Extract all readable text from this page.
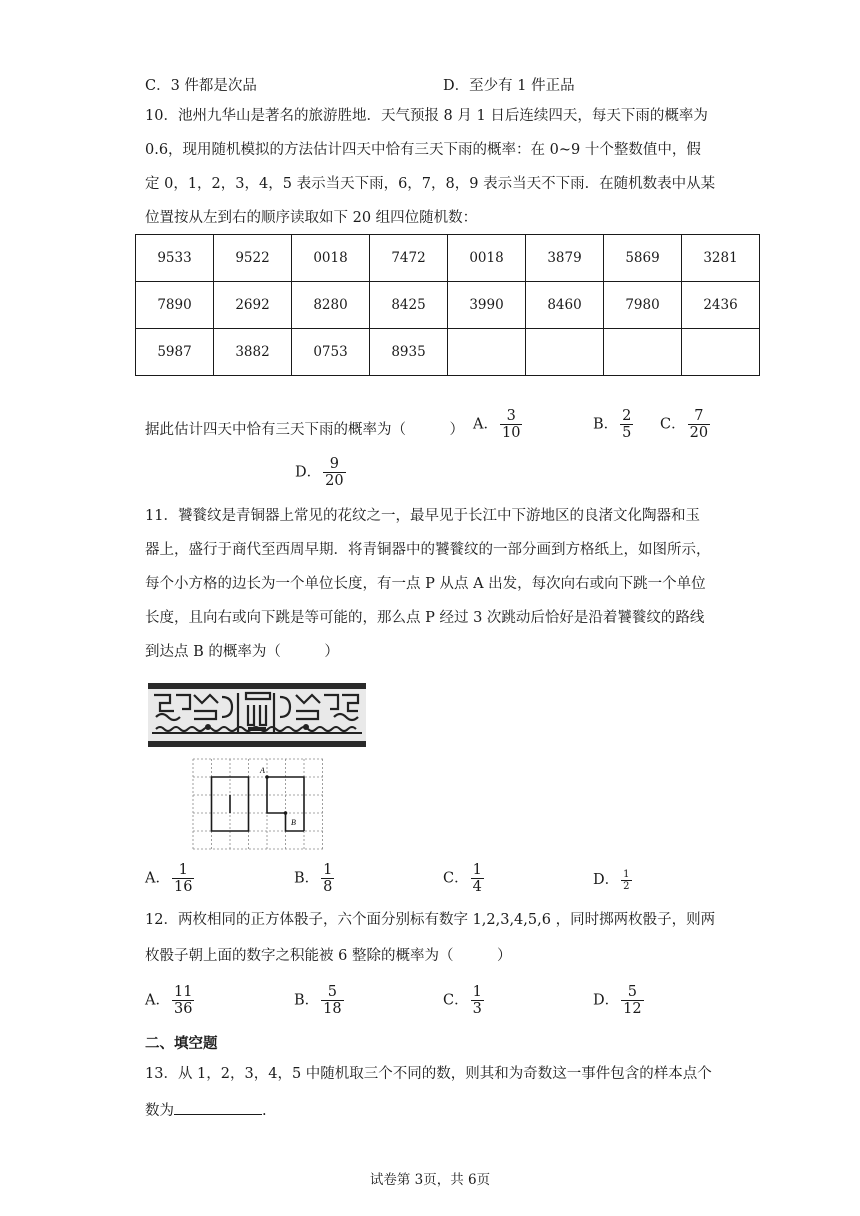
C．3 件都是次品	D．至少有 1 件正品
10．池州九华山是著名的旅游胜地．天气预报 8 月 1 日后连续四天，每天下雨的概率为
0.6，现用随机模拟的方法估计四天中恰有三天下雨的概率：在 0~9 十个整数值中，假
定 0，1，2，3，4，5 表示当天下雨，6，7，8，9 表示当天不下雨．在随机数表中从某
位置按从左到右的顺序读取如下 20 组四位随机数：
9533	9522	0018	7472	0018	3879	5869	3281
7890	2692	8280	8425	3990	8460	7980	2436
5987	3882	0753	8935				
据此估计四天中恰有三天下雨的概率为（　　　） A． $\frac{3}{10}$	B． $\frac{2}{5}$ C． $\frac{7}{20}$
D． $\frac{9}{20}$
11．饕餮纹是青铜器上常见的花纹之一，最早见于长江中下游地区的良渚文化陶器和玉
器上，盛行于商代至西周早期．将青铜器中的饕餮纹的一部分画到方格纸上，如图所示，
每个小方格的边长为一个单位长度，有一点 P 从点 A 出发，每次向右或向下跳一个单位
长度，且向右或向下跳是等可能的，那么点 P 经过 3 次跳动后恰好是沿着饕餮纹的路线
到达点 B 的概率为（　　　）
A
B
A． $\frac{1}{16}$	B． $\frac{1}{8}$	C． $\frac{1}{4}$	D． $\frac{1}{2}$
12．两枚相同的正方体骰子，六个面分别标有数字 1,2,3,4,5,6 ，同时掷两枚骰子，则两
枚骰子朝上面的数字之积能被 6 整除的概率为（　　　）
A． $\frac{11}{36}$	B． $\frac{5}{18}$	C． $\frac{1}{3}$	D． $\frac{5}{12}$
二、填空题
13．从 1，2，3，4，5 中随机取三个不同的数，则其和为奇数这一事件包含的样本点个
数为	.
试卷第 3页，共 6页
